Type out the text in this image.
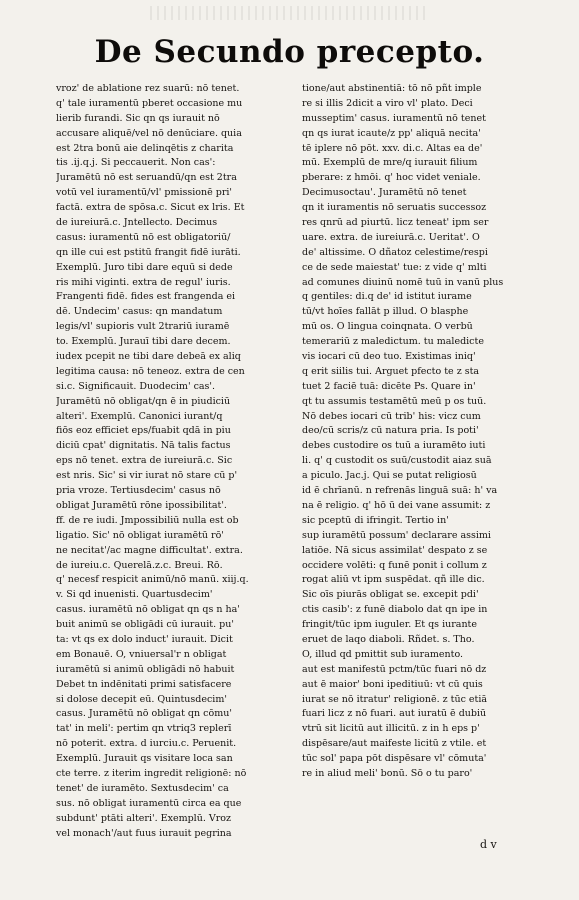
De Secundo precepto.
vroz' de ablatione rez suarū: nō tenet.
q' tale iuramentū pberet occasione mu
lierib furandi. Sic qn qs iurauit nō
accusare aliquē/vel nō denūciare. quia
est 2tra bonū aie delinqētis z charita
tis .ij.q.j. Si peccauerit. Non cas':
Juramētū nō est seruandū/qn est 2tra
votū vel iuramentū/vl' pmissionē pri'
factā. extra de spōsa.c. Sicut ex lris. Et
de iureiurā.c. Jntellecto. Decimus
casus: iuramentū nō est obligatoriū/
qn ille cui est pstitū frangit fidē iurāti.
Exemplū. Juro tibi dare equū si dede
ris mihi viginti. extra de regul' iuris.
Frangenti fidē. fides est frangenda ei
dē. Undecim' casus: qn mandatum
legis/vl' supioris vult 2trariū iuramē
to. Exemplū. Jurauī tibi dare decem.
iudex pcepit ne tibi dare debeā ex aliq
legitima causa: nō teneoz. extra de cen
si.c. Significauit. Duodecim' cas'.
Juramētū nō obligat/qn ē in piudiciū
alteri'. Exemplū. Canonici iurant/q
fiōs eoz efficiet eps/fuabit qdā in piu
diciū cpat' dignitatis. Nā talis factus
eps nō tenet. extra de iureiurā.c. Sic
est nris. Sic' si vir iurat nō stare cū p'
pria vroze. Tertiusdecim' casus nō
obligat Juramētū rōne ipossibilitat'.
ff. de re iudi. Jmpossibiliū nulla est ob
ligatio. Sic' nō obligat iuramētū rō'
ne necitat'/ac magne difficultat'. extra.
de iureiu.c. Querelā.z.c. Breui. Rō.
q' necesf respicit animū/nō manū. xiij.q.
v. Si qd inuenisti. Quartusdecim'
casus. iuramētū nō obligat qn qs n ha'
buit animū se obligādi cū iurauit. pu'
ta: vt qs ex dolo induct' iurauit. Dicit
em Bonauē. O, vniuersal'r n obligat
iuramētū si animū obligādi nō habuit
Debet tn indēnitati primi satisfacere
si dolose decepit eū. Quintusdecim'
casus. Juramētū nō obligat qn cōmu'
tat' in meli': pertim qn vtriq3 replerī
nō poterit. extra. d iurciu.c. Peruenit.
Exemplū. Jurauit qs visitare loca san
cte terre. z iterim ingredit religionē: nō
tenet' de iuramēto. Sextusdecim' ca
sus. nō obligat iuramentū circa ea que
subdunt' ptāti alteri'. Exemplū. Vroz
vel monach'/aut fuus iurauit pegrina
tione/aut abstinentiā: tō nō pñt imple
re si illis 2dicit a viro vl' plato. Deci
musseptim' casus. iuramentū nō tenet
qn qs iurat icaute/z pp' aliquā necita'
tē iplere nō pōt. xxv. di.c. Altas ea de'
mū. Exemplū de mre/q iurauit filium
pberare: z hmōi. q' hoc videt veniale.
Decimusoctau'. Juramētū nō tenet
qn it iuramentis nō seruatis successoz
res qnrū ad piurtū. licz teneat' ipm ser
uare. extra. de iureiurā.c. Ueritat'. O
de' altissime. O dñatoz celestime/respi
ce de sede maiestat' tue: z vide q' mlti
ad comunes diuinū nomē tuū in vanū plus
q gentiles: di.q de' id istitut iurame
tū/vt hoīes fallāt p illud. O blasphe
mū os. O lingua coinqnata. O verbū
temerariū z maledictum. tu maledicte
vis iocari cū deo tuo. Existimas iniq'
q erit siilis tui. Arguet pfecto te z sta
tuet 2 faciē tuā: dicēte Ps. Quare in'
qt tu assumis testamētū meū p os tuū.
Nō debes iocari cū trib' his: vicz cum
deo/cū scris/z cū natura pria. Is poti'
debes custodire os tuū a iuramēto iuti
li. q' q custodit os suū/custodit aiaz suā
a piculo. Jac.j. Qui se putat religiosū
id ē chrīanū. n refrenās linguā suā: h' va
na ē religio. q' hō ū dei vane assumit: z
sic pceptū di ifringit. Tertio in'
sup iuramētū possum' declarare assimi
latiōe. Nā sicus assimilat' despato z se
occidere volēti: q funē ponit i collum z
rogat aliū vt ipm suspēdat. qñ ille dic.
Sic oīs piurās obligat se. excepit pdi'
ctis casib': z funē diabolo dat qn ipe in
fringit/tūc ipm iuguler. Et qs iurante
eruet de laqo diaboli. Rñdet. s. Tho.
O, illud qd pmittit sub iuramento.
aut est manifestū pctm/tūc fuari nō dz
aut ē maior' boni ipeditiuū: vt cū quis
iurat se nō itratur' religionē. z tūc etiā
fuari licz z nō fuari. aut iuratū ē dubiū
vtrū sit licitū aut illicitū. z in h eps p'
dispēsare/aut maifeste licitū z vtile. et
tūc sol' papa pōt dispēsare vl' cōmuta'
re in aliud meli' bonū. Sō o tu paro'
d v
